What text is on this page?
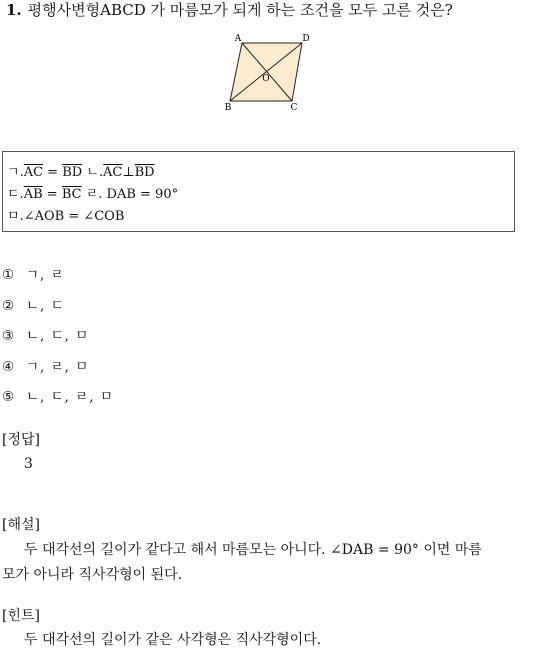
1. 평행사변형ABCD 가 마름모가 되게 하는 조건을 모두 고른 것은?
A	D
B	C
O
ㄱ$.\overline{AC} = \overline{BD}$ ㄴ$.\overline{AC}\perp\overline{BD}$
ㄷ$.\overline{AB} = \overline{BC}$ ㄹ. DAB = 90°
ㅁ.∠AOB = ∠COB
① ㄱ, ㄹ
② ㄴ, ㄷ
③ ㄴ, ㄷ, ㅁ
④ ㄱ, ㄹ, ㅁ
⑤ ㄴ, ㄷ, ㄹ, ㅁ
[정답]
3
[해설]
두 대각선의 길이가 같다고 해서 마름모는 아니다. ∠DAB = 90° 이면 마름
모가 아니라 직사각형이 된다.
[힌트]
두 대각선의 길이가 같은 사각형은 직사각형이다.
